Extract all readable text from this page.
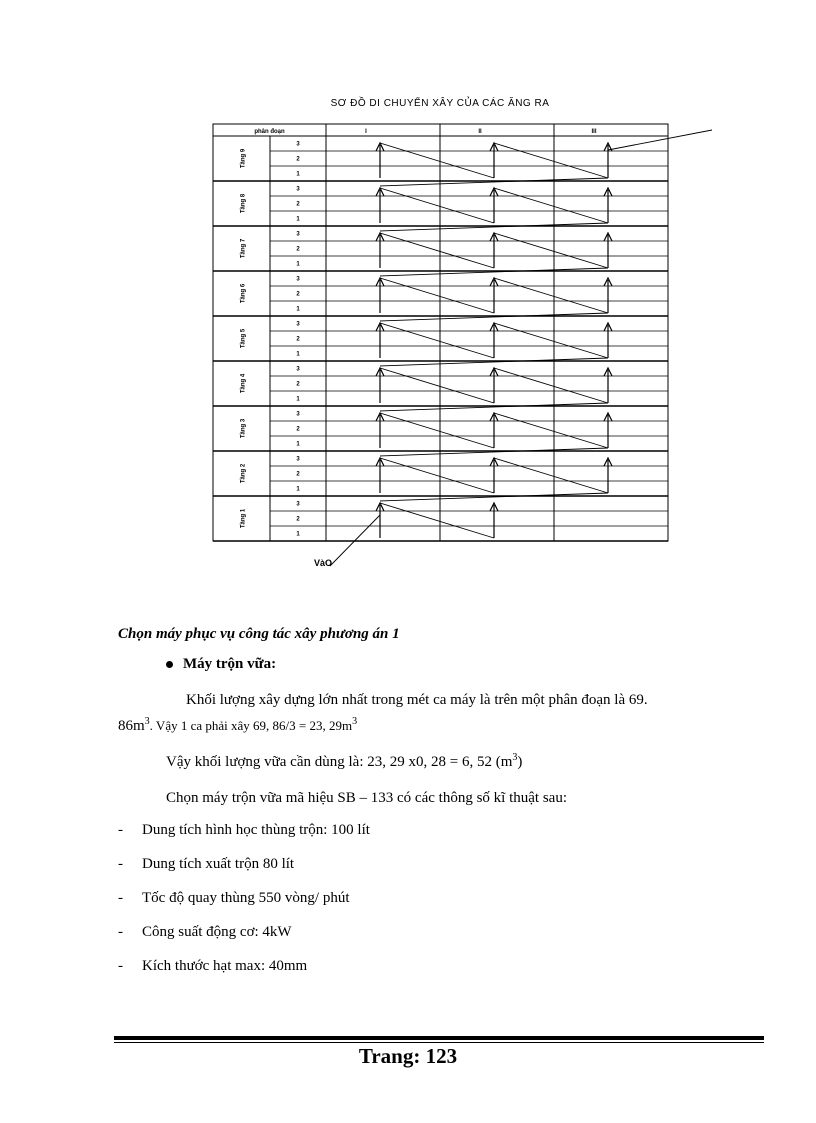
SƠ ĐỒ DI CHUYỂN XÂY CỦA CÁC ĂNG RA
phân đoạn	I	II	III
Tầng 9
3
2
1
Tầng 8
3
2
1
Tầng 7
3
2
1
Tầng 6
3
2
1
Tầng 5
3
2
1
Tầng 4
3
2
1
Tầng 3
3
2
1
Tầng 2
3
2
1
Tầng 1
3
2
1
VàO
Chọn máy phục vụ công tác xây phương án 1
Máy trộn vữa:
Khối lượng xây dựng lớn nhất trong mét ca máy là trên một phân đoạn là 69.
$86m^3$. Vậy 1 ca phải xây 69, 86/3 = 23, $29m^3$
Vậy khối lượng vữa cần dùng là: 23, 29 x0, 28 = 6, 52 $(m^3)$
Chọn máy trộn vữa mã hiệu SB – 133 có các thông số kĩ thuật sau:
-	Dung tích hình học thùng trộn: 100 lít
-	Dung tích xuất trộn 80 lít
-	Tốc độ quay thùng 550 vòng/ phút
-	Công suất động cơ: 4kW
-	Kích thước hạt max: 40mm
Trang: 123
